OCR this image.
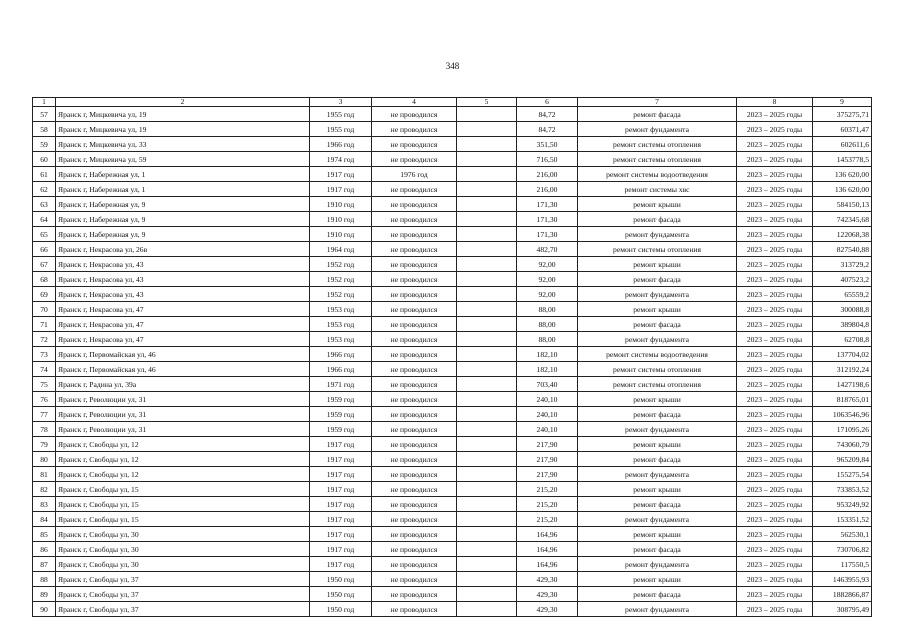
348
1	2	3	4	5	6	7	8	9
57	Яранск г, Мицкевича ул, 19	1955 год	не проводился		84,72	ремонт фасада	2023 – 2025 годы	375275,71
58	Яранск г, Мицкевича ул, 19	1955 год	не проводился		84,72	ремонт фундамента	2023 – 2025 годы	60371,47
59	Яранск г, Мицкевича ул, 33	1966 год	не проводился		351,50	ремонт системы отопления	2023 – 2025 годы	602611,6
60	Яранск г, Мицкевича ул, 59	1974 год	не проводился		716,50	ремонт системы отопления	2023 – 2025 годы	1453778,5
61	Яранск г, Набережная ул, 1	1917 год	1976 год		216,00	ремонт системы водоотведения	2023 – 2025 годы	136 620,00
62	Яранск г, Набережная ул, 1	1917 год	не проводился		216,00	ремонт системы хвс	2023 – 2025 годы	136 620,00
63	Яранск г, Набережная ул, 9	1910 год	не проводился		171,30	ремонт крыши	2023 – 2025 годы	584150,13
64	Яранск г, Набережная ул, 9	1910 год	не проводился		171,30	ремонт фасада	2023 – 2025 годы	742345,68
65	Яранск г, Набережная ул, 9	1910 год	не проводился		171,30	ремонт фундамента	2023 – 2025 годы	122068,38
66	Яранск г, Некрасова ул, 26в	1964 год	не проводился		482,70	ремонт системы отопления	2023 – 2025 годы	827540,88
67	Яранск г, Некрасова ул, 43	1952 год	не проводился		92,00	ремонт крыши	2023 – 2025 годы	313729,2
68	Яранск г, Некрасова ул, 43	1952 год	не проводился		92,00	ремонт фасада	2023 – 2025 годы	407523,2
69	Яранск г, Некрасова ул, 43	1952 год	не проводился		92,00	ремонт фундамента	2023 – 2025 годы	65559,2
70	Яранск г, Некрасова ул, 47	1953 год	не проводился		88,00	ремонт крыши	2023 – 2025 годы	300088,8
71	Яранск г, Некрасова ул, 47	1953 год	не проводился		88,00	ремонт фасада	2023 – 2025 годы	389804,8
72	Яранск г, Некрасова ул, 47	1953 год	не проводился		88,00	ремонт фундамента	2023 – 2025 годы	62708,8
73	Яранск г, Первомайская ул, 46	1966 год	не проводился		182,10	ремонт системы водоотведения	2023 – 2025 годы	137704,02
74	Яранск г, Первомайская ул, 46	1966 год	не проводился		182,10	ремонт системы отопления	2023 – 2025 годы	312192,24
75	Яранск г, Радина ул, 39а	1971 год	не проводился		703,40	ремонт системы отопления	2023 – 2025 годы	1427198,6
76	Яранск г, Революции ул, 31	1959 год	не проводился		240,10	ремонт крыши	2023 – 2025 годы	818765,01
77	Яранск г, Революции ул, 31	1959 год	не проводился		240,10	ремонт фасада	2023 – 2025 годы	1063546,96
78	Яранск г, Революции ул, 31	1959 год	не проводился		240,10	ремонт фундамента	2023 – 2025 годы	171095,26
79	Яранск г, Свободы ул, 12	1917 год	не проводился		217,90	ремонт крыши	2023 – 2025 годы	743060,79
80	Яранск г, Свободы ул, 12	1917 год	не проводился		217,90	ремонт фасада	2023 – 2025 годы	965209,84
81	Яранск г, Свободы ул, 12	1917 год	не проводился		217,90	ремонт фундамента	2023 – 2025 годы	155275,54
82	Яранск г, Свободы ул, 15	1917 год	не проводился		215,20	ремонт крыши	2023 – 2025 годы	733853,52
83	Яранск г, Свободы ул, 15	1917 год	не проводился		215,20	ремонт фасада	2023 – 2025 годы	953249,92
84	Яранск г, Свободы ул, 15	1917 год	не проводился		215,20	ремонт фундамента	2023 – 2025 годы	153351,52
85	Яранск г, Свободы ул, 30	1917 год	не проводился		164,96	ремонт крыши	2023 – 2025 годы	562530,1
86	Яранск г, Свободы ул, 30	1917 год	не проводился		164,96	ремонт фасада	2023 – 2025 годы	730706,82
87	Яранск г, Свободы ул, 30	1917 год	не проводился		164,96	ремонт фундамента	2023 – 2025 годы	117550,5
88	Яранск г, Свободы ул, 37	1950 год	не проводился		429,30	ремонт крыши	2023 – 2025 годы	1463955,93
89	Яранск г, Свободы ул, 37	1950 год	не проводился		429,30	ремонт фасада	2023 – 2025 годы	1882866,87
90	Яранск г, Свободы ул, 37	1950 год	не проводился		429,30	ремонт фундамента	2023 – 2025 годы	308795,49
